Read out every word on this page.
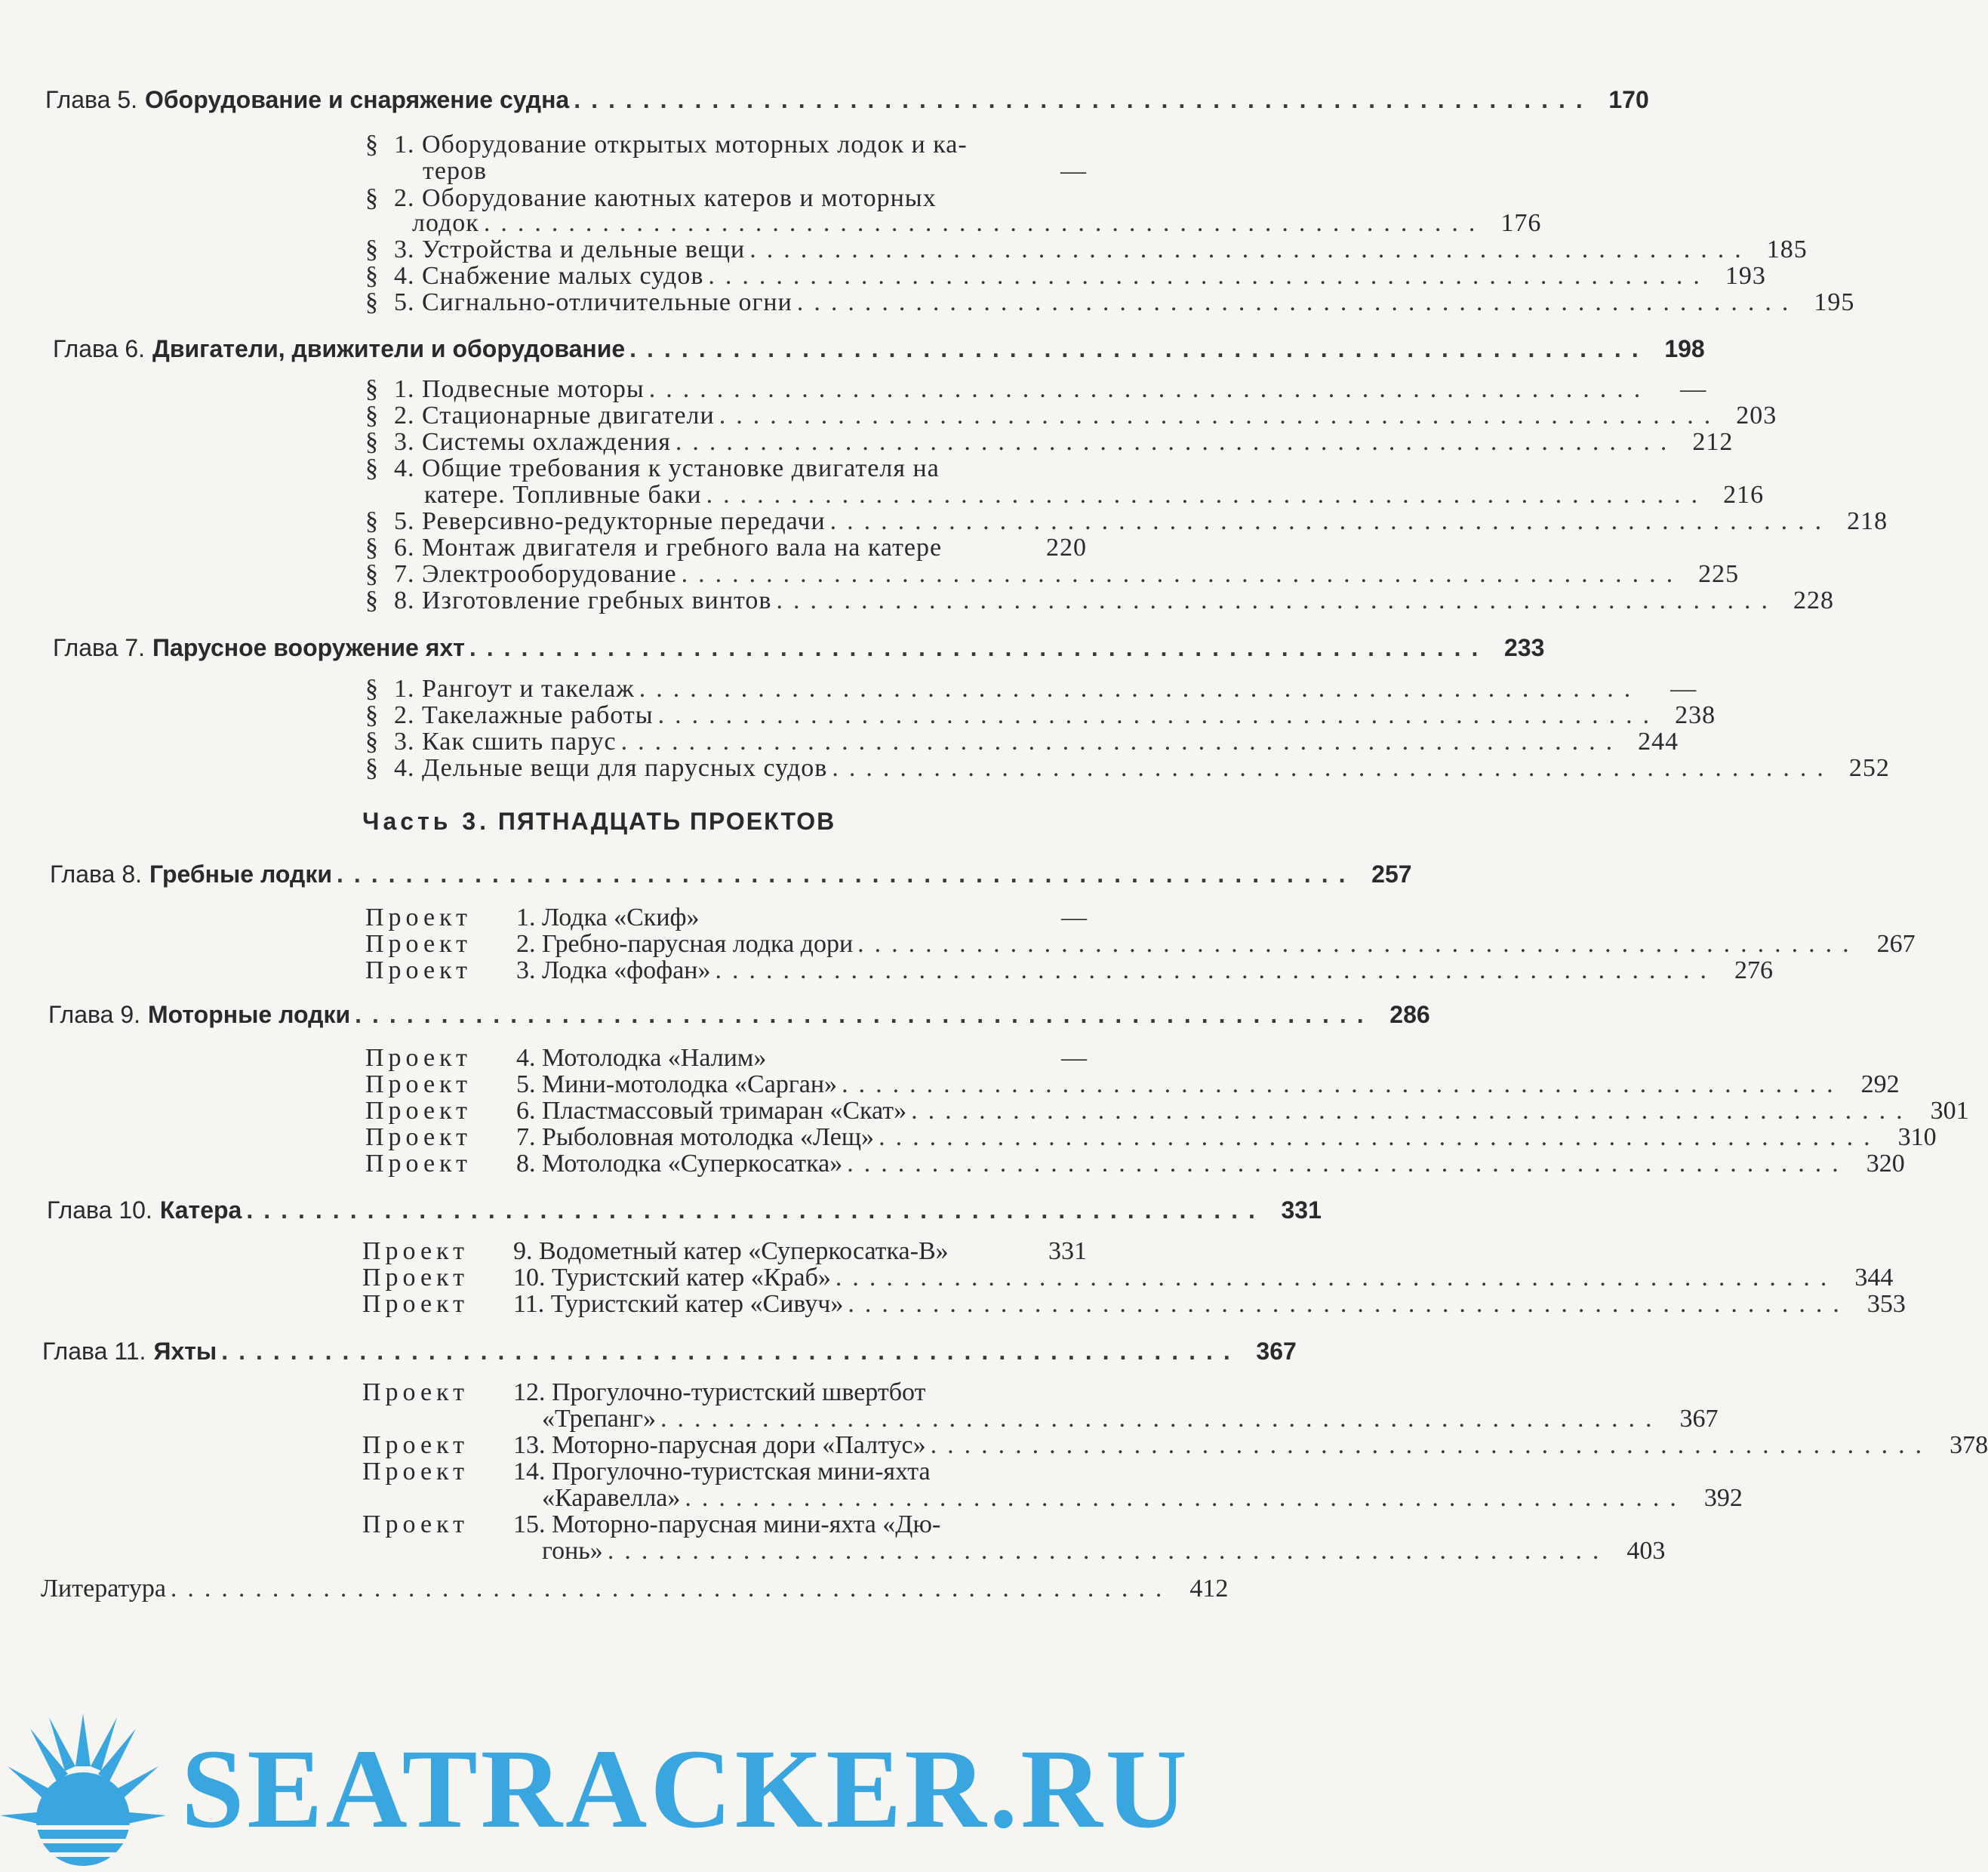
Глава 5. Оборудование и снаряжение судна ........................................................... 170
§ 1. Оборудование открытых моторных лодок и ка-
теров	—
§ 2. Оборудование каютных катеров и моторных
лодок ........................................................... 176
§ 3. Устройства и дельные вещи ........................................................... 185
§ 4. Снабжение малых судов ........................................................... 193
§ 5. Сигнально-отличительные огни ........................................................... 195
Глава 6. Двигатели, движители и оборудование ........................................................... 198
§ 1. Подвесные моторы ...........................................................	—
§ 2. Стационарные двигатели ........................................................... 203
§ 3. Системы охлаждения ........................................................... 212
§ 4. Общие требования к установке двигателя на
катере. Топливные баки ........................................................... 216
§ 5. Реверсивно-редукторные передачи ........................................................... 218
§ 6. Монтаж двигателя и гребного вала на катере	220
§ 7. Электрооборудование ........................................................... 225
§ 8. Изготовление гребных винтов ........................................................... 228
Глава 7. Парусное вооружение яхт ........................................................... 233
§ 1. Рангоут и такелаж ...........................................................	—
§ 2. Такелажные работы ........................................................... 238
§ 3. Как сшить парус ........................................................... 244
§ 4. Дельные вещи для парусных судов ........................................................... 252
Часть 3. ПЯТНАДЦАТЬ ПРОЕКТОВ
Глава 8. Гребные лодки ........................................................... 257
Проект 1. Лодка «Скиф»	—
Проект 2. Гребно-парусная лодка дори ........................................................... 267
Проект 3. Лодка «фофан» ........................................................... 276
Глава 9. Моторные лодки ........................................................... 286
Проект 4. Мотолодка «Налим»	—
Проект 5. Мини-мотолодка «Сарган» ........................................................... 292
Проект 6. Пластмассовый тримаран «Скат» ........................................................... 301
Проект 7. Рыболовная мотолодка «Лещ» ........................................................... 310
Проект 8. Мотолодка «Суперкосатка» ........................................................... 320
Глава 10. Катера ........................................................... 331
Проект 9. Водометный катер «Суперкосатка-В»	331
Проект 10. Туристский катер «Краб» ........................................................... 344
Проект 11. Туристский катер «Сивуч» ........................................................... 353
Глава 11. Яхты ........................................................... 367
Проект 12. Прогулочно-туристский швертбот
«Трепанг» ........................................................... 367
Проект 13. Моторно-парусная дори «Палтус» ........................................................... 378
Проект 14. Прогулочно-туристская мини-яхта
«Каравелла» ........................................................... 392
Проект 15. Моторно-парусная мини-яхта «Дю-
гонь» ........................................................... 403
Литература ........................................................... 412
SEATRACKER.RU
